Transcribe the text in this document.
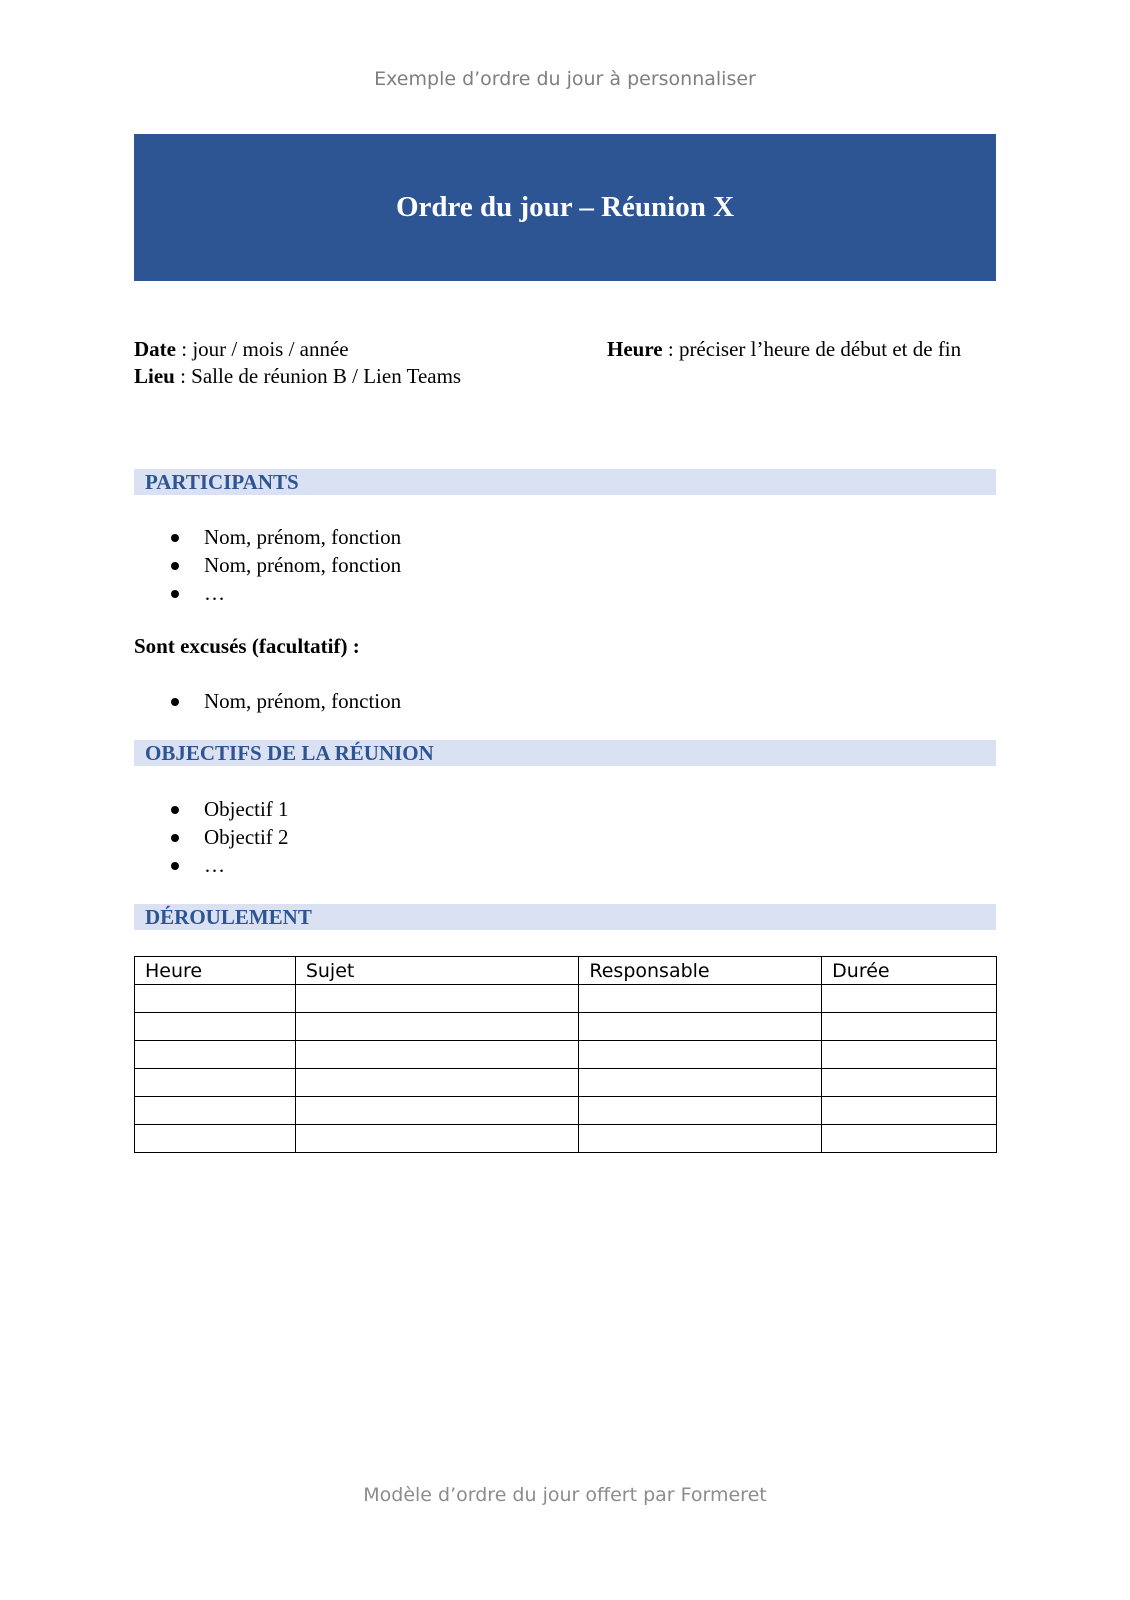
Exemple d’ordre du jour à personnaliser
Ordre du jour – Réunion X
Date : jour / mois / année	Heure : préciser l’heure de début et de fin
Lieu : Salle de réunion B / Lien Teams
PARTICIPANTS
Nom, prénom, fonction
Nom, prénom, fonction
…
Sont excusés (facultatif) :
Nom, prénom, fonction
OBJECTIFS DE LA RÉUNION
Objectif 1
Objectif 2
…
DÉROULEMENT
Heure	Sujet	Responsable	Durée

Modèle d’ordre du jour offert par Formeret
